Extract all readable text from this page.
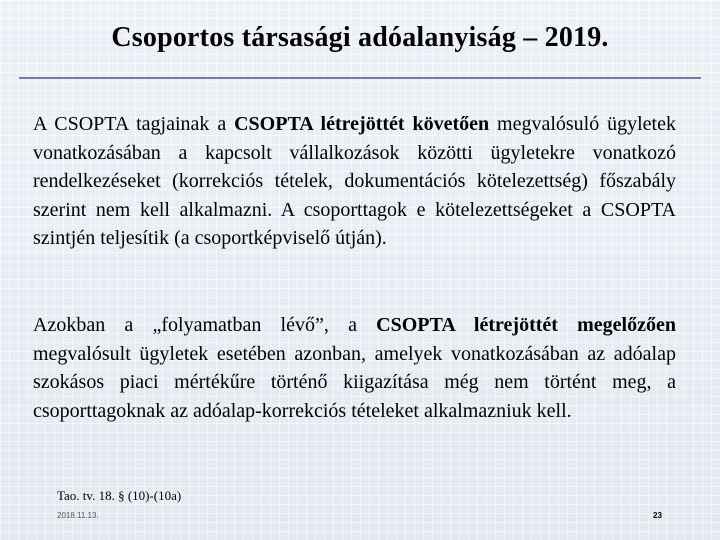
Csoportos társasági adóalanyiság – 2019.
A CSOPTA tagjainak a CSOPTA létrejöttét követően megvalósuló ügyletek vonatkozásában a kapcsolt vállalkozások közötti ügyletekre vonatkozó rendelkezéseket (korrekciós tételek, dokumentációs kötelezettség) főszabály szerint nem kell alkalmazni. A csoporttagok e kötelezettségeket a CSOPTA szintjén teljesítik (a csoportképviselő útján).
Azokban a „folyamatban lévő”, a CSOPTA létrejöttét megelőzően megvalósult ügyletek esetében azonban, amelyek vonatkozásában az adóalap szokásos piaci mértékűre történő kiigazítása még nem történt meg, a csoporttagoknak az adóalap-korrekciós tételeket alkalmazniuk kell.
Tao. tv. 18. § (10)-(10a)
2018.11.13.	23
